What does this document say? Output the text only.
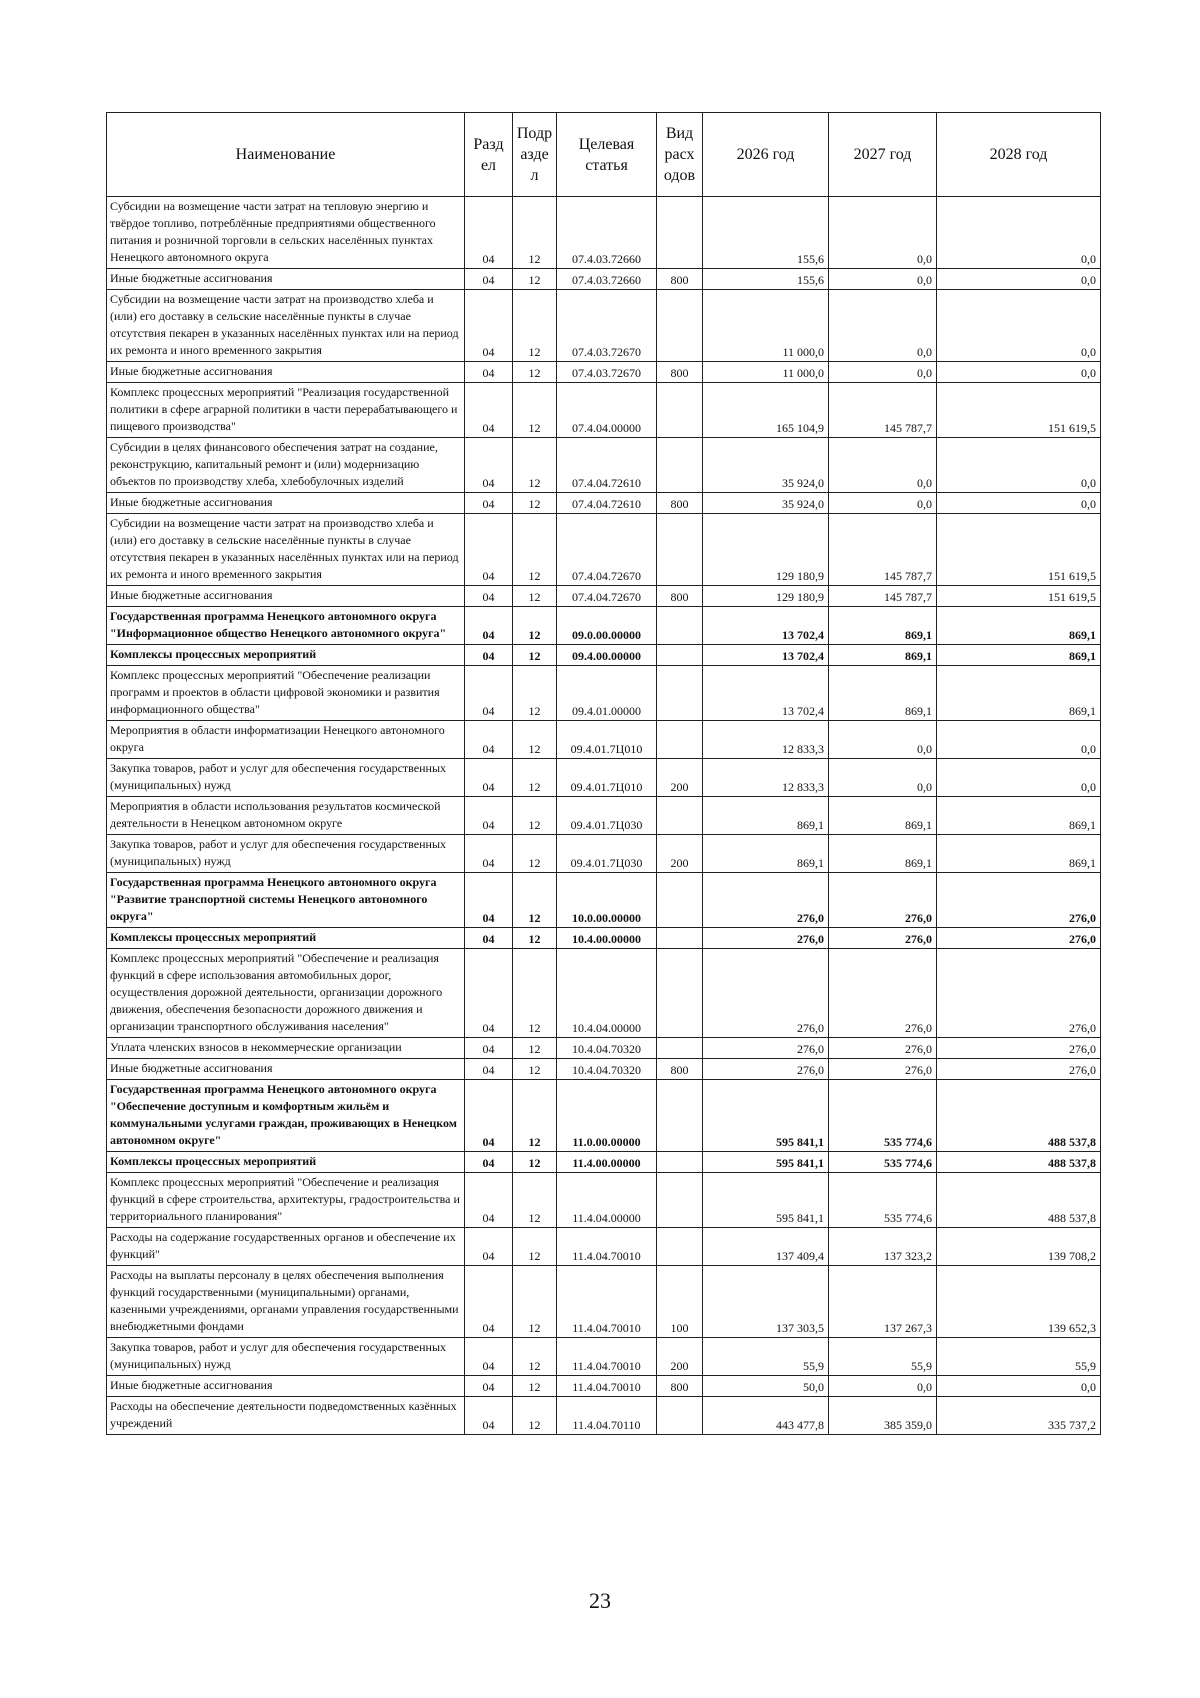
Наименование	Разд ел	Подр азде л	Целевая статья	Вид расх одов	2026 год	2027 год	2028 год
Субсидии на возмещение части затрат на тепловую энергию и твёрдое топливо, потреблённые предприятиями общественного питания и розничной торговли в сельских населённых пунктах Ненецкого автономного округа	04	12	07.4.03.72660		155,6	0,0	0,0
Иные бюджетные ассигнования	04	12	07.4.03.72660	800	155,6	0,0	0,0
Субсидии на возмещение части затрат на производство хлеба и (или) его доставку в сельские населённые пункты в случае отсутствия пекарен в указанных населённых пунктах или на период их ремонта и иного временного закрытия	04	12	07.4.03.72670		11 000,0	0,0	0,0
Иные бюджетные ассигнования	04	12	07.4.03.72670	800	11 000,0	0,0	0,0
Комплекс процессных мероприятий "Реализация государственной политики в сфере аграрной политики в части перерабатывающего и пищевого производства"	04	12	07.4.04.00000		165 104,9	145 787,7	151 619,5
Субсидии в целях финансового обеспечения затрат на создание, реконструкцию, капитальный ремонт и (или) модернизацию объектов по производству хлеба, хлебобулочных изделий	04	12	07.4.04.72610		35 924,0	0,0	0,0
Иные бюджетные ассигнования	04	12	07.4.04.72610	800	35 924,0	0,0	0,0
Субсидии на возмещение части затрат на производство хлеба и (или) его доставку в сельские населённые пункты в случае отсутствия пекарен в указанных населённых пунктах или на период их ремонта и иного временного закрытия	04	12	07.4.04.72670		129 180,9	145 787,7	151 619,5
Иные бюджетные ассигнования	04	12	07.4.04.72670	800	129 180,9	145 787,7	151 619,5
Государственная программа Ненецкого автономного округа "Информационное общество Ненецкого автономного округа"	04	12	09.0.00.00000		13 702,4	869,1	869,1
Комплексы процессных мероприятий	04	12	09.4.00.00000		13 702,4	869,1	869,1
Комплекс процессных мероприятий "Обеспечение реализации программ и проектов в области цифровой экономики и развития информационного общества"	04	12	09.4.01.00000		13 702,4	869,1	869,1
Мероприятия в области информатизации Ненецкого автономного округа	04	12	09.4.01.7Ц010		12 833,3	0,0	0,0
Закупка товаров, работ и услуг для обеспечения государственных (муниципальных) нужд	04	12	09.4.01.7Ц010	200	12 833,3	0,0	0,0
Мероприятия в области использования результатов космической деятельности в Ненецком автономном округе	04	12	09.4.01.7Ц030		869,1	869,1	869,1
Закупка товаров, работ и услуг для обеспечения государственных (муниципальных) нужд	04	12	09.4.01.7Ц030	200	869,1	869,1	869,1
Государственная программа Ненецкого автономного округа "Развитие транспортной системы Ненецкого автономного округа"	04	12	10.0.00.00000		276,0	276,0	276,0
Комплексы процессных мероприятий	04	12	10.4.00.00000		276,0	276,0	276,0
Комплекс процессных мероприятий "Обеспечение и реализация функций в сфере использования автомобильных дорог, осуществления дорожной деятельности, организации дорожного движения, обеспечения безопасности дорожного движения и организации транспортного обслуживания населения"	04	12	10.4.04.00000		276,0	276,0	276,0
Уплата членских взносов в некоммерческие организации	04	12	10.4.04.70320		276,0	276,0	276,0
Иные бюджетные ассигнования	04	12	10.4.04.70320	800	276,0	276,0	276,0
Государственная программа Ненецкого автономного округа "Обеспечение доступным и комфортным жильём и коммунальными услугами граждан, проживающих в Ненецком автономном округе"	04	12	11.0.00.00000		595 841,1	535 774,6	488 537,8
Комплексы процессных мероприятий	04	12	11.4.00.00000		595 841,1	535 774,6	488 537,8
Комплекс процессных мероприятий "Обеспечение и реализация функций в сфере строительства, архитектуры, градостроительства и территориального планирования"	04	12	11.4.04.00000		595 841,1	535 774,6	488 537,8
Расходы на содержание государственных органов и обеспечение их функций"	04	12	11.4.04.70010		137 409,4	137 323,2	139 708,2
Расходы на выплаты персоналу в целях обеспечения выполнения функций государственными (муниципальными) органами, казенными учреждениями, органами управления государственными внебюджетными фондами	04	12	11.4.04.70010	100	137 303,5	137 267,3	139 652,3
Закупка товаров, работ и услуг для обеспечения государственных (муниципальных) нужд	04	12	11.4.04.70010	200	55,9	55,9	55,9
Иные бюджетные ассигнования	04	12	11.4.04.70010	800	50,0	0,0	0,0
Расходы на обеспечение деятельности подведомственных казённых учреждений	04	12	11.4.04.70110		443 477,8	385 359,0	335 737,2
23
